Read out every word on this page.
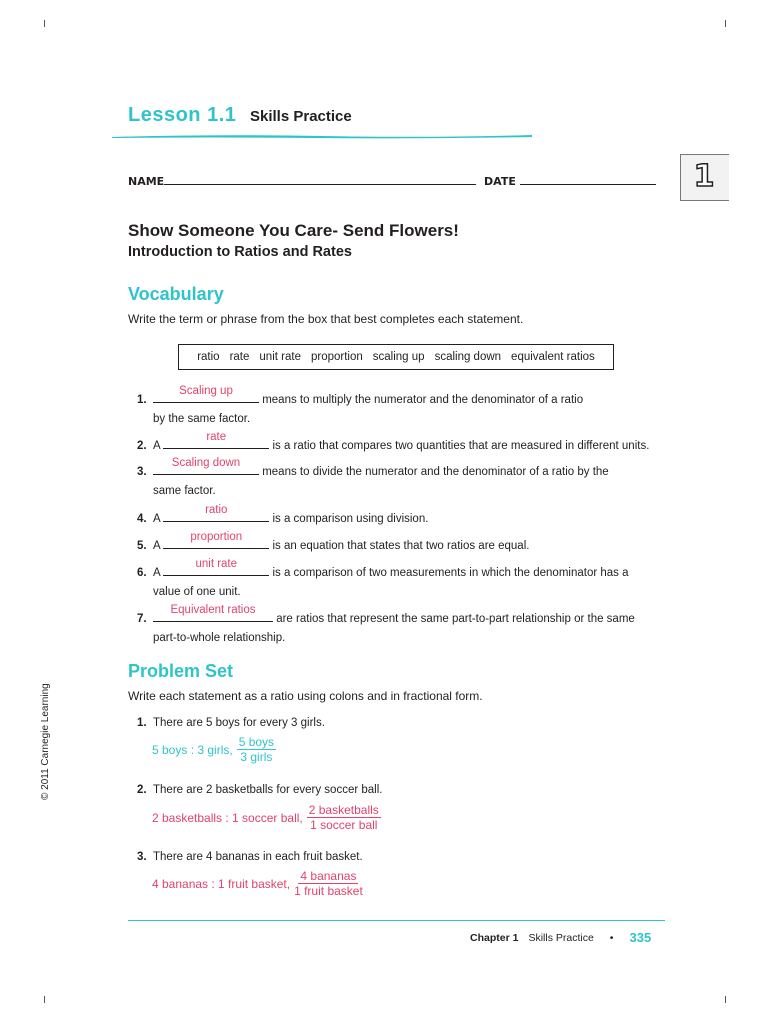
Lesson 1.1 Skills Practice
NAME	DATE	1
Show Someone You Care- Send Flowers!
Introduction to Ratios and Rates
Vocabulary
Write the term or phrase from the box that best completes each statement.
ratio rate unit rate proportion scaling up scaling down equivalent ratios
1.
Scaling up
means to multiply the numerator and the denominator of a ratio
by the same factor.
2. A
rate
is a ratio that compares two quantities that are measured in different units.
3.
Scaling down
means to divide the numerator and the denominator of a ratio by the
same factor.
4. A
ratio
is a comparison using division.
5. A
proportion
is an equation that states that two ratios are equal.
6. A
unit rate
is a comparison of two measurements in which the denominator has a
value of one unit.
7.
Equivalent ratios
are ratios that represent the same part-to-part relationship or the same
part-to-whole relationship.
Problem Set
Write each statement as a ratio using colons and in fractional form.
1. There are 5 boys for every 3 girls.
5 boys : 3 girls, $\frac{\text{5 boys}}{\text{3 girls}}$
2. There are 2 basketballs for every soccer ball.
2 basketballs : 1 soccer ball, $\frac{\text{2 basketballs}}{\text{1 soccer ball}}$
3. There are 4 bananas in each fruit basket.
4 bananas : 1 fruit basket, $\frac{\text{4 bananas}}{\text{1 fruit basket}}$
© 2011 Carnegie Learning
Chapter 1 Skills Practice • 335
